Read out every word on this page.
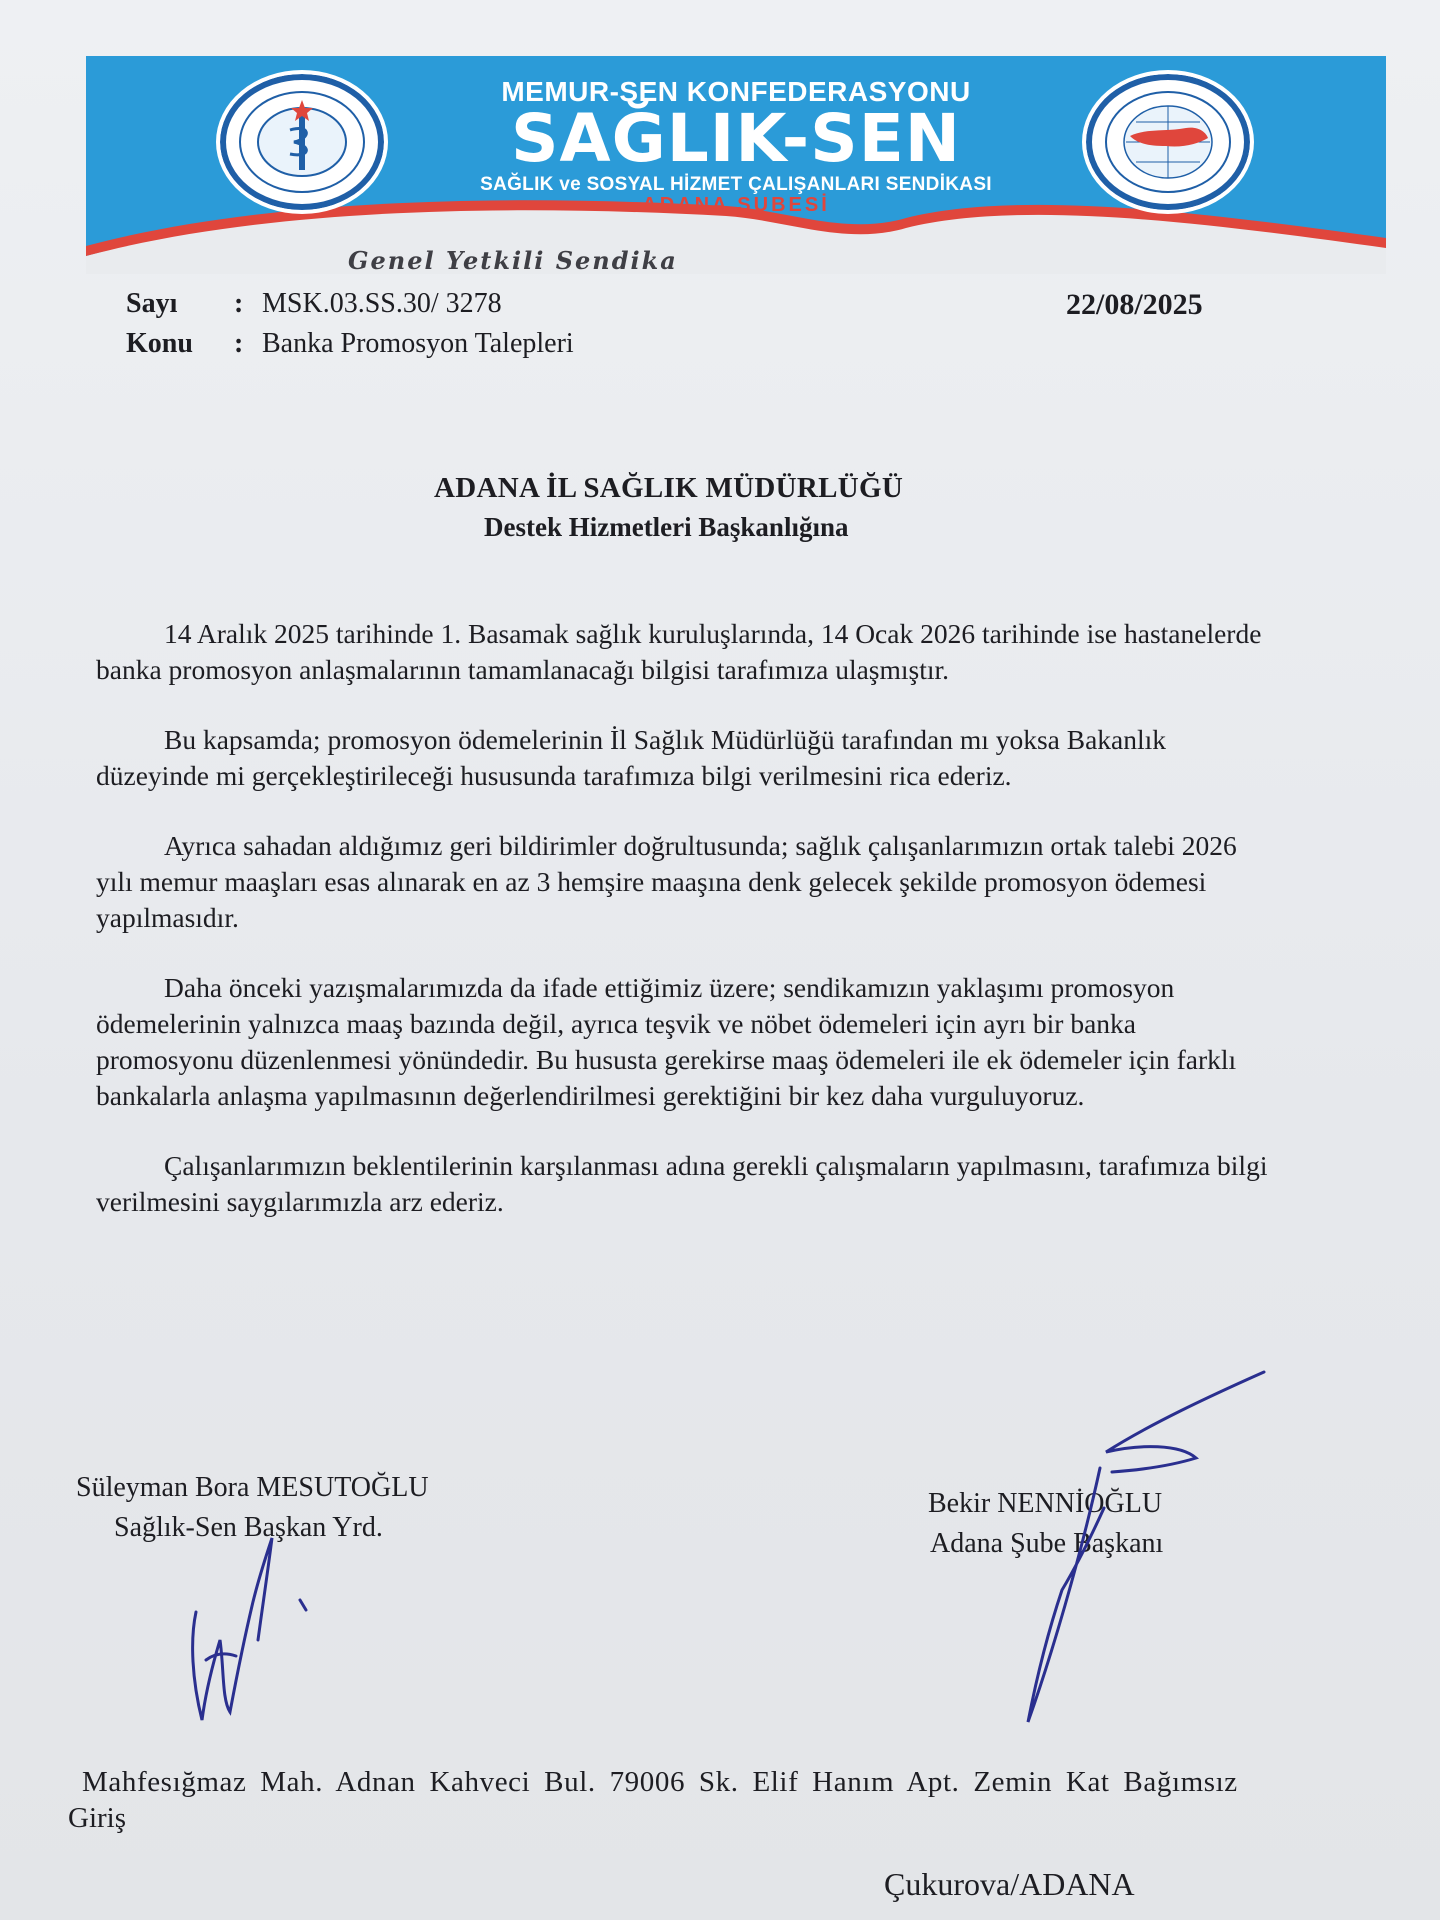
MEMUR-SEN KONFEDERASYONU
SAĞLIK-SEN
SAĞLIK ve SOSYAL HİZMET ÇALIŞANLARI SENDİKASI
ADANA ŞUBESİ
Genel Yetkili Sendika
Sayı : MSK.03.SS.30/ 3278
Konu : Banka Promosyon Talepleri
22/08/2025
ADANA İL SAĞLIK MÜDÜRLÜĞÜ
Destek Hizmetleri Başkanlığına

14 Aralık 2025 tarihinde 1. Basamak sağlık kuruluşlarında, 14 Ocak 2026 tarihinde ise hastanelerde banka promosyon anlaşmalarının tamamlanacağı bilgisi tarafımıza ulaşmıştır.

Bu kapsamda; promosyon ödemelerinin İl Sağlık Müdürlüğü tarafından mı yoksa Bakanlık düzeyinde mi gerçekleştirileceği hususunda tarafımıza bilgi verilmesini rica ederiz.

Ayrıca sahadan aldığımız geri bildirimler doğrultusunda; sağlık çalışanlarımızın ortak talebi 2026 yılı memur maaşları esas alınarak en az 3 hemşire maaşına denk gelecek şekilde promosyon ödemesi yapılmasıdır.

Daha önceki yazışmalarımızda da ifade ettiğimiz üzere; sendikamızın yaklaşımı promosyon ödemelerinin yalnızca maaş bazında değil, ayrıca teşvik ve nöbet ödemeleri için ayrı bir banka promosyonu düzenlenmesi yönündedir. Bu hususta gerekirse maaş ödemeleri ile ek ödemeler için farklı bankalarla anlaşma yapılmasının değerlendirilmesi gerektiğini bir kez daha vurguluyoruz.

Çalışanlarımızın beklentilerinin karşılanması adına gerekli çalışmaların yapılmasını, tarafımıza bilgi verilmesini saygılarımızla arz ederiz.

Süleyman Bora MESUTOĞLU
Sağlık-Sen Başkan Yrd.
Bekir NENNİOĞLU
Adana Şube Başkanı
Mahfesığmaz Mah. Adnan Kahveci Bul. 79006 Sk. Elif Hanım Apt. Zemin Kat Bağımsız
Giriş
Çukurova/ADANA
